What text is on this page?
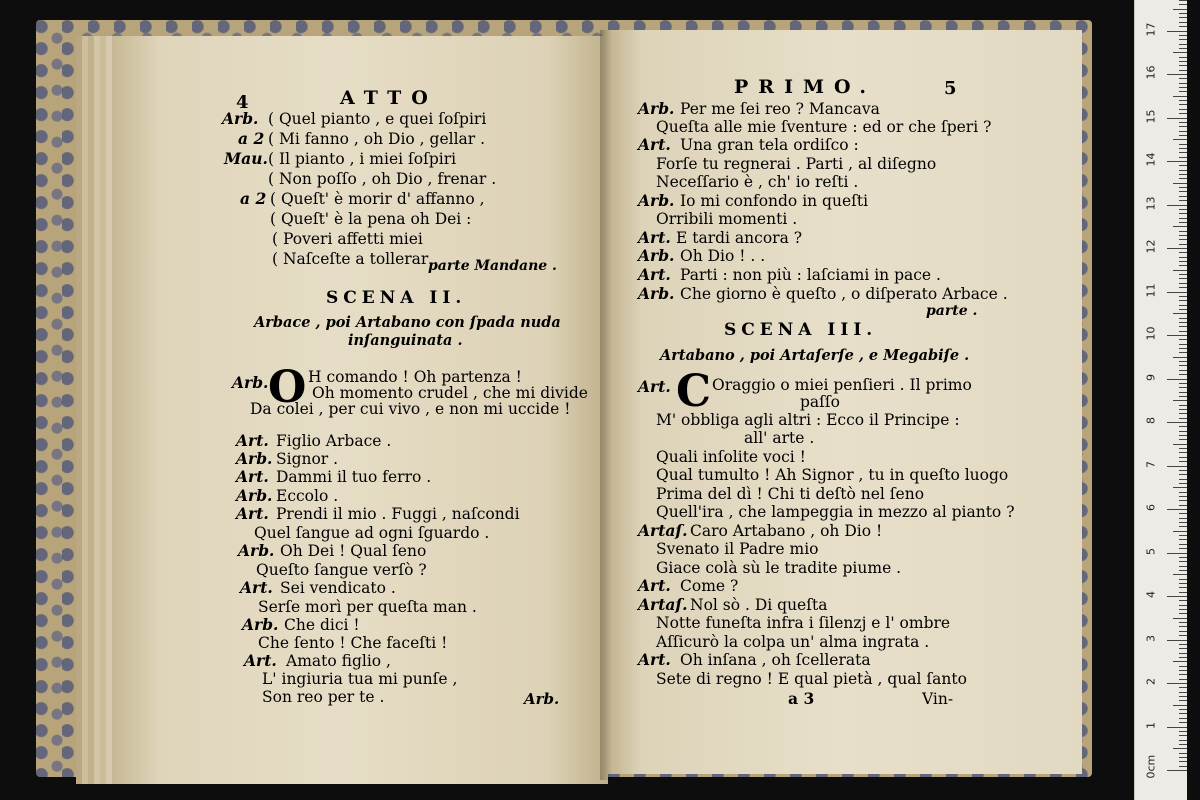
4	ATTO
Arb. ( Quel pianto , e quei ſoſpiri
a 2 ( Mi fanno , oh Dio , gellar .
Mau. ( Il pianto , i miei ſoſpiri
( Non poſſo , oh Dio , frenar .
a 2 ( Queſt' è morir d' affanno ,
( Queſt' è la pena oh Dei :
( Poveri affetti miei
( Naſceſte a tollerar .
parte Mandane .
SCENA II.
Arbace , poi Artabano con ſpada nuda
inſanguinata .
Arb. O H comando ! Oh partenza !
Oh momento crudel , che mi divide
Da colei , per cui vivo , e non mi uccide !
Art. Figlio Arbace .
Arb. Signor .
Art. Dammi il tuo ferro .
Arb. Eccolo .
Art. Prendi il mio . Fuggi , naſcondi
Quel ſangue ad ogni ſguardo .
Arb. Oh Dei ! Qual ſeno
Queſto ſangue verſò ?
Art. Sei vendicato .
Serſe morì per queſta man .
Arb. Che dici !
Che ſento ! Che faceſti !
Art. Amato figlio ,
L' ingiuria tua mi punſe ,
Son reo per te .	Arb.
PRIMO.	5
Arb. Per me ſei reo ? Mancava
Queſta alle mie ſventure : ed or che ſperi ?
Art. Una gran tela ordiſco :
Forſe tu regnerai . Parti , al diſegno
Neceſſario è , ch' io reſti .
Arb. Io mi confondo in queſti
Orribili momenti .
Art. E tardi ancora ?
Arb. Oh Dio ! . .
Art. Parti : non più : laſciami in pace .
Arb. Che giorno è queſto , o diſperato Arbace .
parte .
SCENA III.
Artabano , poi Artaſerſe , e Megabiſe .
Art. C Oraggio o miei penſieri . Il primo
paſſo
M' obbliga agli altri : Ecco il Principe :
all' arte .
Quali inſolite voci !
Qual tumulto ! Ah Signor , tu in queſto luogo
Prima del dì ! Chi ti deſtò nel ſeno
Quell'ira , che lampeggia in mezzo al pianto ?
Artaſ. Caro Artabano , oh Dio !
Svenato il Padre mio
Giace colà sù le tradite piume .
Art. Come ?
Artaſ. Nol sò . Di queſta
Notte funeſta infra i ſilenzj e l' ombre
Aſſicurò la colpa un' alma ingrata .
Art. Oh inſana , oh ſcellerata
Sete di regno ! E qual pietà , qual ſanto
a 3	Vin-
0cm
1
2
3
4
5
6
7
8
9
10
11
12
13
14
15
16
17
